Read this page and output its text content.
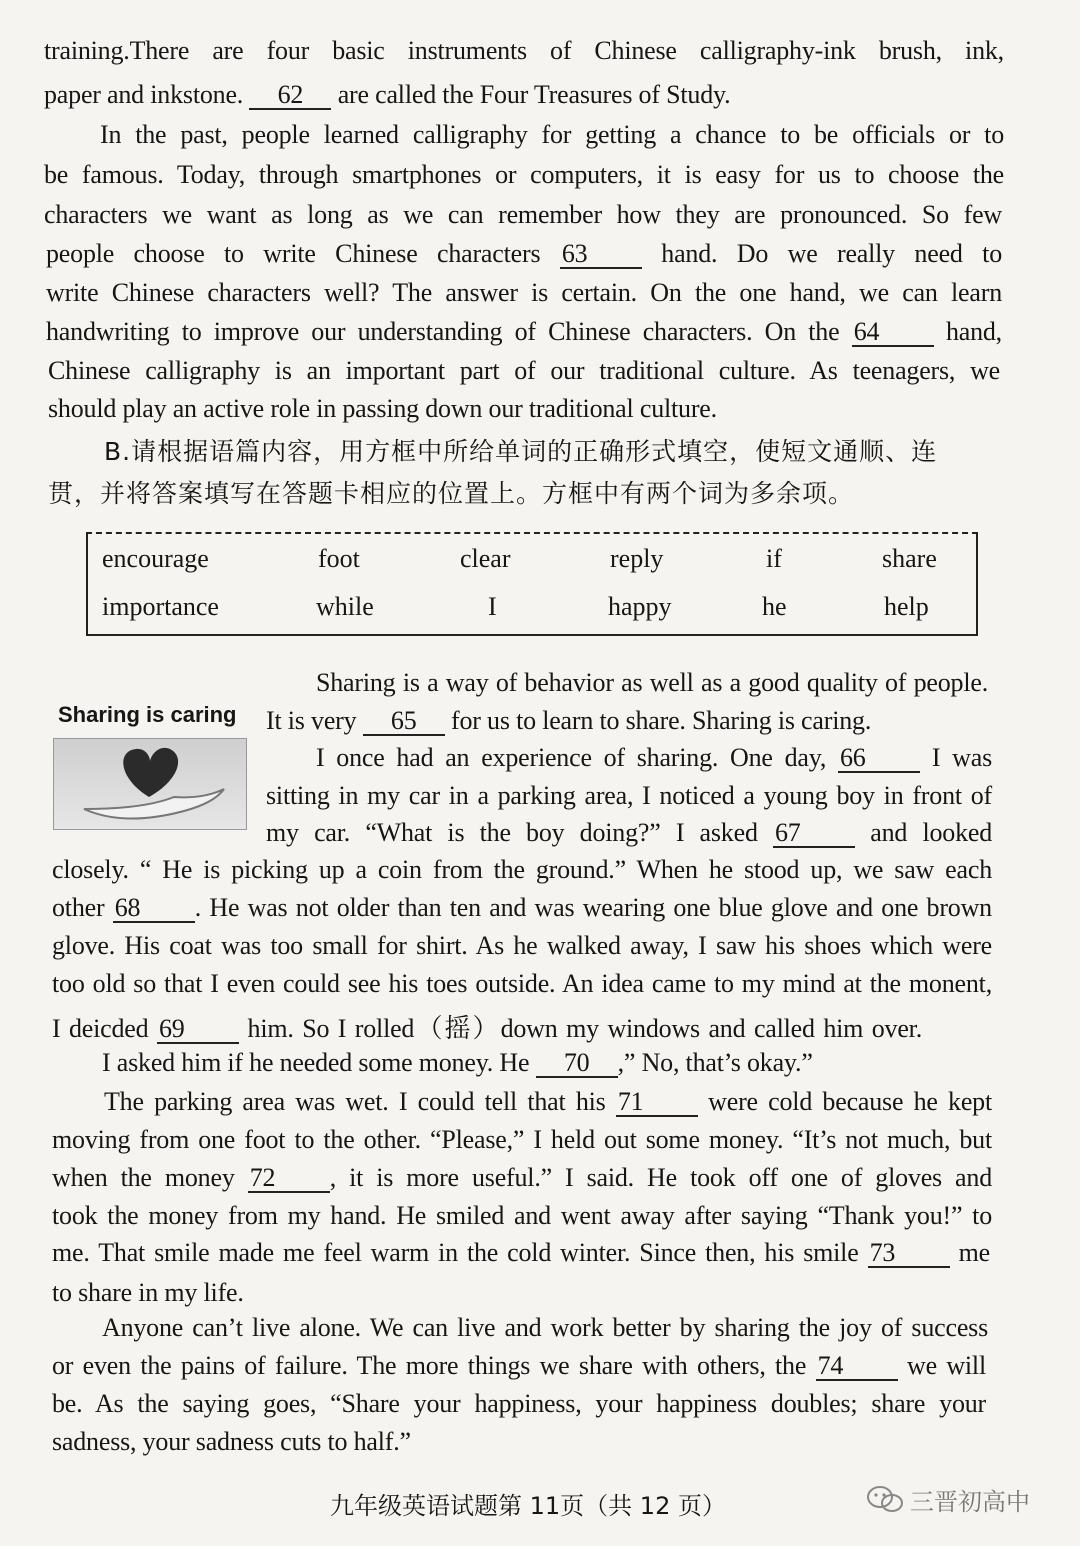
training.There are four basic instruments of Chinese calligraphy-ink brush, ink,
paper and inkstone. 62 are called the Four Treasures of Study.
In the past, people learned calligraphy for getting a chance to be officials or to
be famous. Today, through smartphones or computers, it is easy for us to choose the
characters we want as long as we can remember how they are pronounced. So few
people choose to write Chinese characters 63 hand. Do we really need to
write Chinese characters well? The answer is certain. On the one hand, we can learn
handwriting to improve our understanding of Chinese characters. On the 64 hand,
Chinese calligraphy is an important part of our traditional culture. As teenagers, we
should play an active role in passing down our traditional culture.
B.请根据语篇内容，用方框中所给单词的正确形式填空，使短文通顺、连
贯，并将答案填写在答题卡相应的位置上。方框中有两个词为多余项。
encourage	foot	clear	reply	if	share
importance	while	I	happy	he	help
Sharing is caring
Sharing is a way of behavior as well as a good quality of people.
It is very 65 for us to learn to share. Sharing is caring.
I once had an experience of sharing. One day, 66 I was
sitting in my car in a parking area, I noticed a young boy in front of
my car. “What is the boy doing?” I asked 67 and looked
closely. “ He is picking up a coin from the ground.” When he stood up, we saw each
other 68 . He was not older than ten and was wearing one blue glove and one brown
glove. His coat was too small for shirt. As he walked away, I saw his shoes which were
too old so that I even could see his toes outside. An idea came to my mind at the monent,
I deicded 69 him. So I rolled（摇）down my windows and called him over.
I asked him if he needed some money. He 70 ,” No, that’s okay.”
The parking area was wet. I could tell that his 71 were cold because he kept
moving from one foot to the other. “Please,” I held out some money. “It’s not much, but
when the money 72 , it is more useful.” I said. He took off one of gloves and
took the money from my hand. He smiled and went away after saying “Thank you!” to
me. That smile made me feel warm in the cold winter. Since then, his smile 73 me
to share in my life.
Anyone can’t live alone. We can live and work better by sharing the joy of success
or even the pains of failure. The more things we share with others, the 74 we will
be. As the saying goes, “Share your happiness, your happiness doubles; share your
sadness, your sadness cuts to half.”
九年级英语试题第 11页（共 12 页）	三晋初高中
